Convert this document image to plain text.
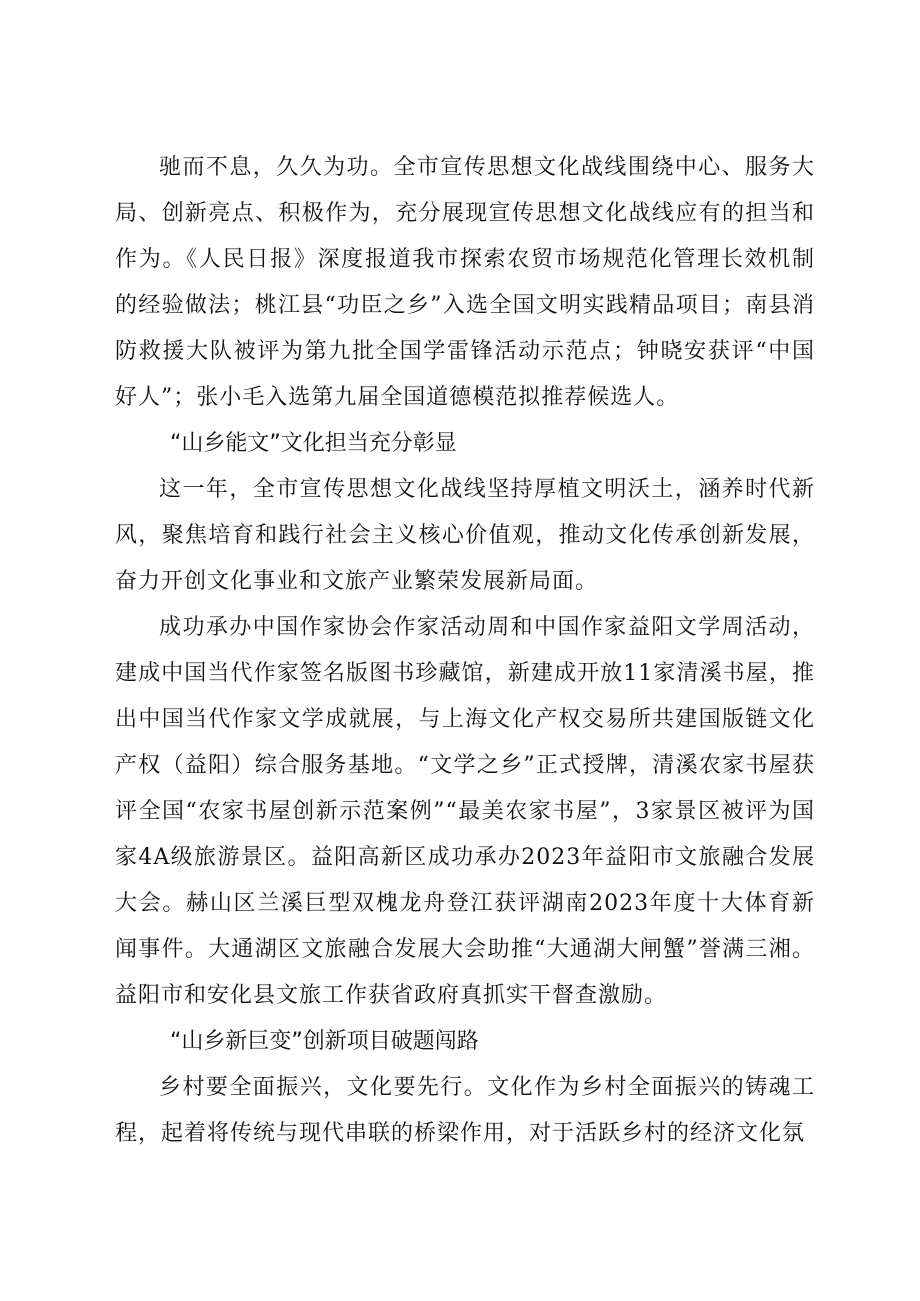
驰而不息，久久为功。全市宣传思想文化战线围绕中心、服务大局、创新亮点、积极作为，充分展现宣传思想文化战线应有的担当和作为。《人民日报》深度报道我市探索农贸市场规范化管理长效机制的经验做法；桃江县“功臣之乡”入选全国文明实践精品项目；南县消防救援大队被评为第九批全国学雷锋活动示范点；钟晓安获评“中国好人”；张小毛入选第九届全国道德模范拟推荐候选人。

“山乡能文”文化担当充分彰显

这一年，全市宣传思想文化战线坚持厚植文明沃土，涵养时代新风，聚焦培育和践行社会主义核心价值观，推动文化传承创新发展，奋力开创文化事业和文旅产业繁荣发展新局面。

成功承办中国作家协会作家活动周和中国作家益阳文学周活动，建成中国当代作家签名版图书珍藏馆，新建成开放11家清溪书屋，推出中国当代作家文学成就展，与上海文化产权交易所共建国版链文化产权（益阳）综合服务基地。“文学之乡”正式授牌，清溪农家书屋获评全国“农家书屋创新示范案例”“最美农家书屋”，3家景区被评为国家4A级旅游景区。益阳高新区成功承办2023年益阳市文旅融合发展大会。赫山区兰溪巨型双槐龙舟登江获评湖南2023年度十大体育新闻事件。大通湖区文旅融合发展大会助推“大通湖大闸蟹”誉满三湘。益阳市和安化县文旅工作获省政府真抓实干督查激励。

“山乡新巨变”创新项目破题闯路

乡村要全面振兴，文化要先行。文化作为乡村全面振兴的铸魂工程，起着将传统与现代串联的桥梁作用，对于活跃乡村的经济文化氛
